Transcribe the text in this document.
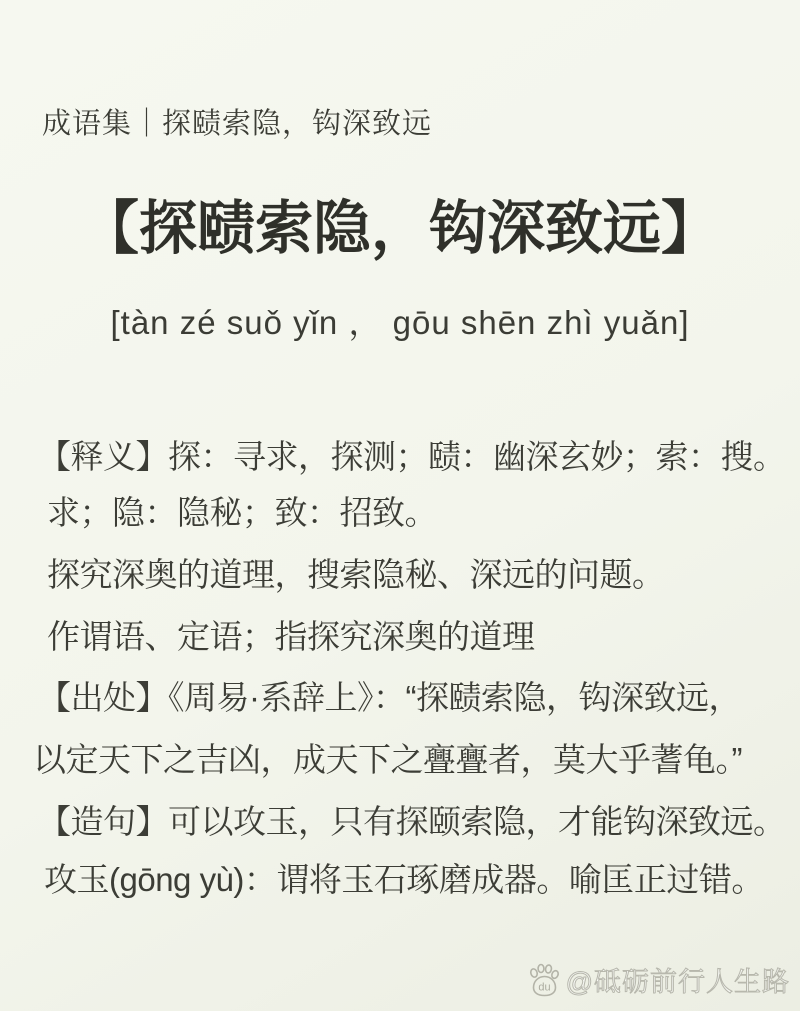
成语集｜探赜索隐，钩深致远
【探赜索隐，钩深致远】
[tàn zé suǒ yǐn ， gōu shēn zhì yuǎn]
【释义】探：寻求，探测；赜：幽深玄妙；索：搜。
求；隐：隐秘；致：招致。
探究深奥的道理，搜索隐秘、深远的问题。
作谓语、定语；指探究深奥的道理
【出处】《周易·系辞上》：“探赜索隐，钩深致远，
以定天下之吉凶，成天下之亹亹者，莫大乎蓍龟。”
【造句】可以攻玉，只有探颐索隐，才能钩深致远。
攻玉(gōng yù)：谓将玉石琢磨成器。喻匡正过错。
du @砥砺前行人生路
